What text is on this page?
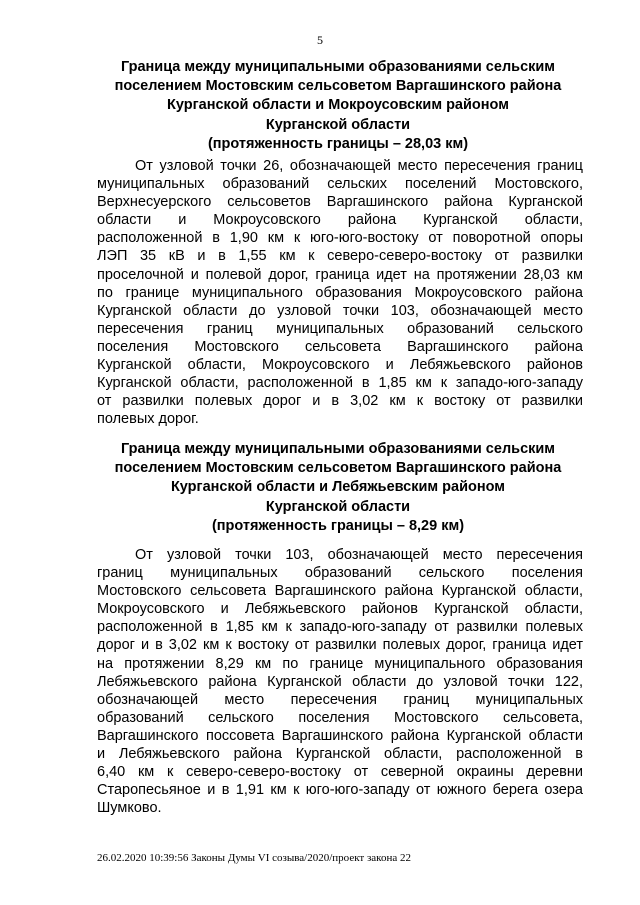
5
Граница между муниципальными образованиями сельским
поселением Мостовским сельсоветом Варгашинского района
Курганской области и Мокроусовским районом
Курганской области
(протяженность границы – 28,03 км)
От узловой точки 26, обозначающей место пересечения границ
муниципальных образований сельских поселений Мостовского,
Верхнесуерского сельсоветов Варгашинского района Курганской
области и Мокроусовского района Курганской области,
расположенной в 1,90 км к юго-юго-востоку от поворотной опоры
ЛЭП 35 кВ и в 1,55 км к северо-северо-востоку от развилки
проселочной и полевой дорог, граница идет на протяжении 28,03 км
по границе муниципального образования Мокроусовского района
Курганской области до узловой точки 103, обозначающей место
пересечения границ муниципальных образований сельского
поселения Мостовского сельсовета Варгашинского района
Курганской области, Мокроусовского и Лебяжьевского районов
Курганской области, расположенной в 1,85 км к западо-юго-западу
от развилки полевых дорог и в 3,02 км к востоку от развилки
полевых дорог.
Граница между муниципальными образованиями сельским
поселением Мостовским сельсоветом Варгашинского района
Курганской области и Лебяжьевским районом
Курганской области
(протяженность границы – 8,29 км)
От узловой точки 103, обозначающей место пересечения
границ муниципальных образований сельского поселения
Мостовского сельсовета Варгашинского района Курганской области,
Мокроусовского и Лебяжьевского районов Курганской области,
расположенной в 1,85 км к западо-юго-западу от развилки полевых
дорог и в 3,02 км к востоку от развилки полевых дорог, граница идет
на протяжении 8,29 км по границе муниципального образования
Лебяжьевского района Курганской области до узловой точки 122,
обозначающей место пересечения границ муниципальных
образований сельского поселения Мостовского сельсовета,
Варгашинского поссовета Варгашинского района Курганской области
и Лебяжьевского района Курганской области, расположенной в
6,40 км к северо-северо-востоку от северной окраины деревни
Старопесьяное и в 1,91 км к юго-юго-западу от южного берега озера
Шумково.
26.02.2020 10:39:56 Законы Думы VI созыва/2020/проект закона 22
